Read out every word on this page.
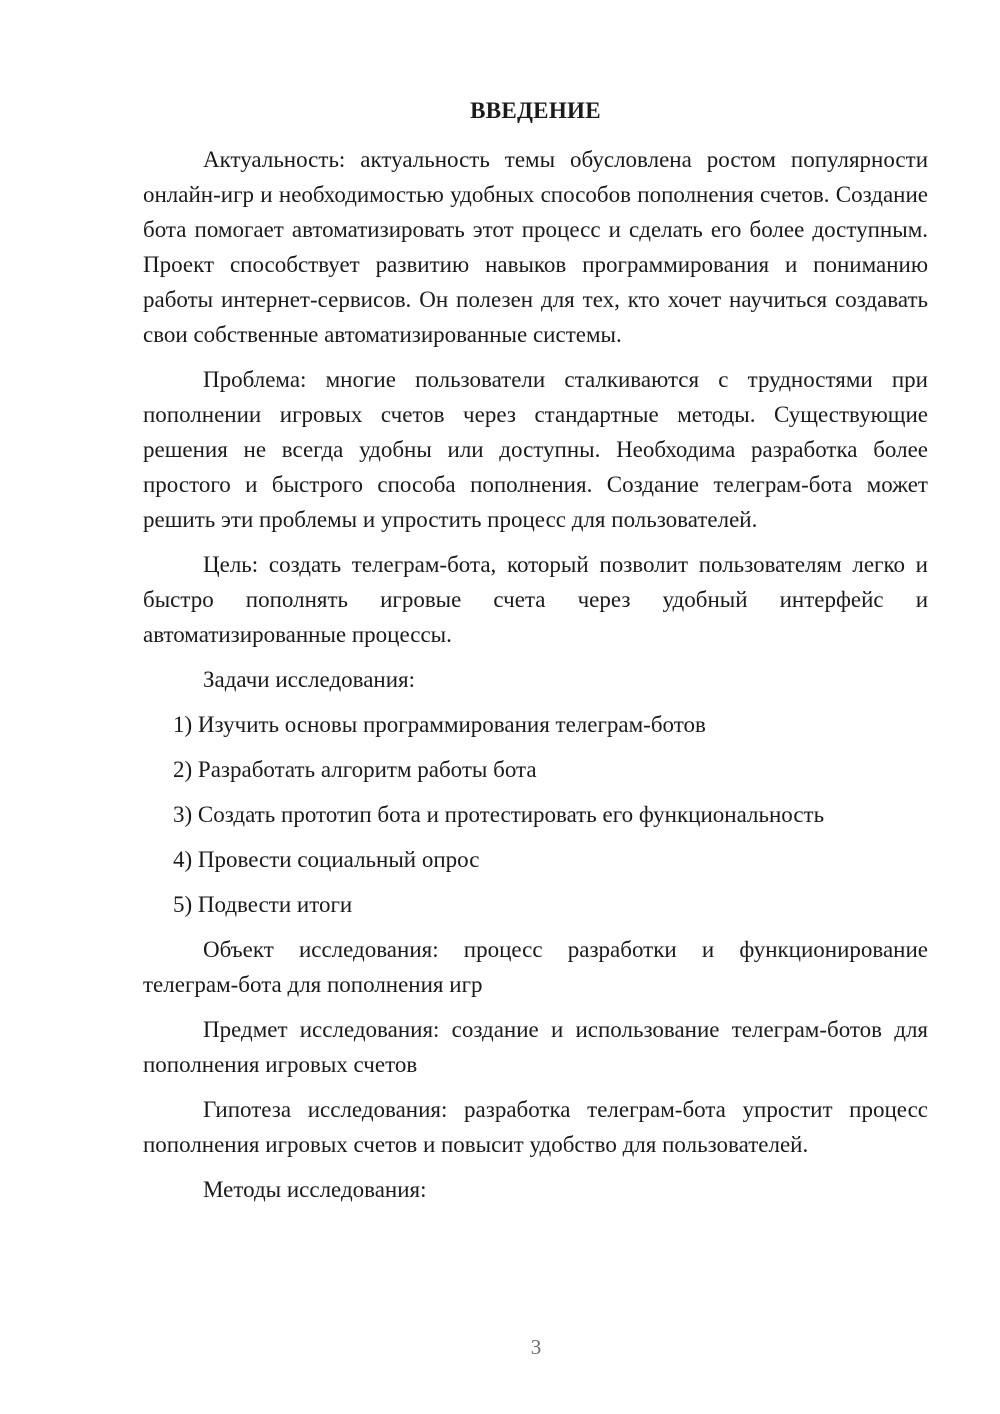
ВВЕДЕНИЕ

Актуальность: актуальность темы обусловлена ростом популярности онлайн-игр и необходимостью удобных способов пополнения счетов. Создание бота помогает автоматизировать этот процесс и сделать его более доступным. Проект способствует развитию навыков программирования и пониманию работы интернет-сервисов. Он полезен для тех, кто хочет научиться создавать свои собственные автоматизированные системы.

Проблема: многие пользователи сталкиваются с трудностями при пополнении игровых счетов через стандартные методы. Существующие решения не всегда удобны или доступны. Необходима разработка более простого и быстрого способа пополнения. Создание телеграм-бота может решить эти проблемы и упростить процесс для пользователей.

Цель: создать телеграм-бота, который позволит пользователям легко и быстро пополнять игровые счета через удобный интерфейс и автоматизированные процессы.

Задачи исследования:

1) Изучить основы программирования телеграм-ботов
2) Разработать алгоритм работы бота
3) Создать прототип бота и протестировать его функциональность
4) Провести социальный опрос
5) Подвести итоги

Объект исследования: процесс разработки и функционирование телеграм-бота для пополнения игр

Предмет исследования: создание и использование телеграм-ботов для пополнения игровых счетов

Гипотеза исследования: разработка телеграм-бота упростит процесс пополнения игровых счетов и повысит удобство для пользователей.

Методы исследования:

3
